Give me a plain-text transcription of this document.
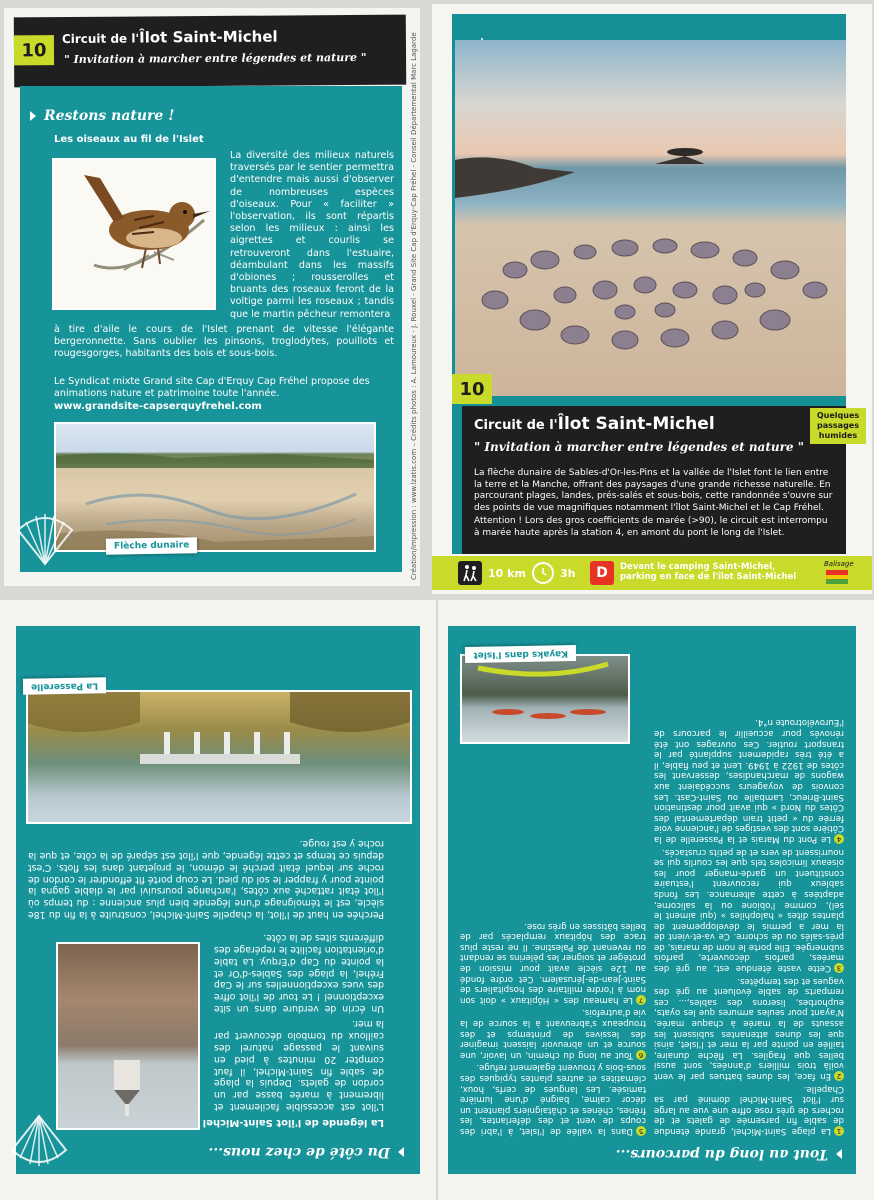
10
Circuit de l'Îlot Saint-Michel
" Invitation à marcher entre légendes et nature "
Restons nature !
Les oiseaux au fil de l'Islet
La diversité des milieux naturels traversés par le sentier permettra d'entendre mais aussi d'observer de nombreuses espèces d'oiseaux. Pour « faciliter » l'observation, ils sont répartis selon les milieux : ainsi les aigrettes et courlis se retrouveront dans l'estuaire, déambulant dans les massifs d'obiones ; rousserolles et bruants des roseaux feront de la voltige parmi les roseaux ; tandis que le martin pêcheur remontera
à tire d'aile le cours de l'Islet prenant de vitesse l'élégante bergeronnette. Sans oublier les pinsons, troglodytes, pouillots et rougesgorges, habitants des bois et sous-bois.
Le Syndicat mixte Grand site Cap d'Erquy Cap Fréhel propose des animations nature et patrimoine toute l'année.
www.grandsite-capserquyfrehel.com
Flèche dunaire	Création/impression : www.lzatis.com – Crédits photos : A. Lamoureux - J. Rouxel - Grand Site Cap d'Erquy-Cap Fréhel - Conseil Départemental Marc Lagarde	10
Circuit de l'Îlot Saint-Michel
" Invitation à marcher entre légendes et nature "
La flèche dunaire de Sables-d'Or-les-Pins et la vallée de l'Islet font le lien entre la terre et la Manche, offrant des paysages d'une grande richesse naturelle. En parcourant plages, landes, prés-salés et sous-bois, cette randonnée s'ouvre sur des points de vue magnifiques notamment l'îlot Saint-Michel et le Cap Fréhel.
Attention ! Lors des gros coefficients de marée (>90), le circuit est interrompu à marée haute après la station 4, en amont du pont le long de l'Islet.
Quelques passages humides
10 km	3h	D	Devant le camping Saint-Michel, parking en face de l'îlot Saint-Michel
Balisage
Du côté de chez nous...
La légende de l'îlot Saint-Michel
L'îlot est accessible facilement et librement à marée basse par un cordon de galets. Depuis la plage de sable fin Saint-Michel, il faut compter 20 minutes à pied en suivant le passage naturel des cailloux du tombolo découvert par la mer.
Un écrin de verdure dans un site exceptionnel ! Le tour de l'îlot offre des vues exceptionnelles sur le Cap Fréhel, la plage des Sables-d'Or et la pointe du Cap d'Erquy. La table d'orientation facilite le repérage des différents sites de la côte.
Perchée en haut de l'îlot, la chapelle Saint-Michel, construite à la fin du 18e siècle, est le témoignage d'une légende bien plus ancienne : du temps où l'îlot était rattaché aux côtes, l'archange poursuivi par le diable gagna la pointe pour y frapper le sol du pied. Le coup porté fit effondrer le cordon de roche sur lequel était perché le démon, le projetant dans les flots. C'est depuis ce temps et cette légende, que l'îlot est séparé de la côte, et que la roche y est rouge.
La Passerelle
Tout au long du parcours...

1La plage Saint-Michel, grande étendue de sable fin parsemée de galets et de rochers de grès rose offre une vue au large sur l'îlot Saint-Michel dominé par sa Chapelle.

2En face, les dunes battues par le vent voilà trois milliers d'années, sont aussi belles que fragiles. La flèche dunaire, taillée en pointe par la mer et l'Islet, ainsi que les dunes attenantes subissent les assauts de la marée à chaque marée. N'ayant pour seules armures que les oyats, euphorbes, liserons des sables,... ces remparts de sable évoluent au gré des vagues et des tempêtes.

3Cette vaste étendue est, au gré des marées, parfois découverte, parfois submergée. Elle porte le nom de marais, de prés-salés ou de schorre. Ce va-et-vient de la mer a permis le développement de plantes dites « halophiles » (qui aiment le sel), comme l'obione ou la salicorne, adaptées à cette alternance. Les fonds sableux qui recouvrent l'estuaire constituent un garde-manger pour les oiseaux limicoles tels que les courlis qui se nourrissent de vers et de petits crustacés.

4Le Pont du Marais et la Passerelle de la Côtière sont des vestiges de l'ancienne voie ferrée du « petit train départemental des Côtes du Nord » qui avait pour destination Saint-Brieuc, Lamballe ou Saint-Cast. Les convois de voyageurs succédaient aux wagons de marchandises, desservant les côtes de 1922 à 1949. Lent et peu fiable, il a été très rapidement supplanté par le transport routier. Ces ouvrages ont été rénovés pour accueillir le parcours de l'Eurovélotroute n°4.

5Dans la vallée de l'Islet, à l'abri des coups de vent et des déferlantes, les frênes, chênes et châtaigniers plantent un décor calme, baigné d'une lumière tamisée. Les langues de cerfs, houx, clématites et autres plantes typiques des sous-bois y trouvent également refuge.

6Tout au long du chemin, un lavoir, une source et un abreuvoir laissent imaginer des lessives de printemps et des troupeaux s'abreuvant à la source de la vie d'autrefois.

7Le hameau des « Hôpitaux » doit son nom à l'ordre militaire des hospitaliers de Saint-Jean-de-Jérusalem. Cet ordre fondé au 12e siècle avait pour mission de protéger et soigner les pèlerins se rendant ou revenant de Palestine. Il ne reste plus trace des hôpitaux remplacés par de belles bâtisses en grès rose.

Kayaks dans l'Islet
